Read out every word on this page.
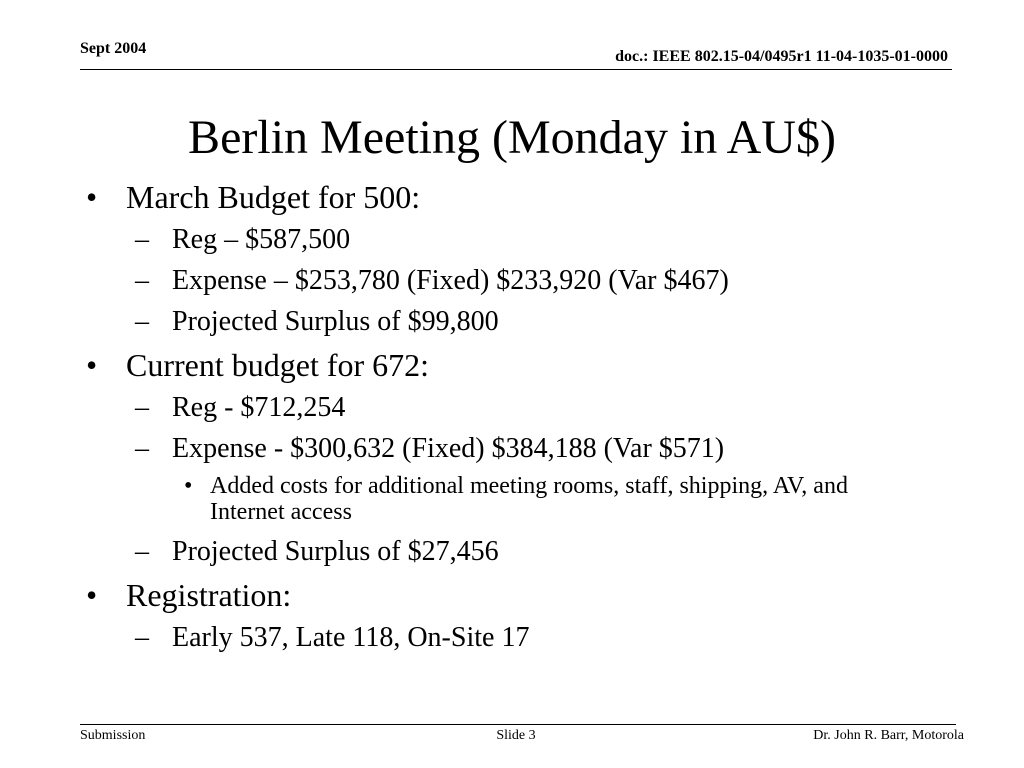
Sept 2004	doc.: IEEE 802.15-04/0495r1 11-04-1035-01-0000
Berlin Meeting (Monday in AU$)
• March Budget for 500:
– Reg – $587,500
– Expense – $253,780 (Fixed) $233,920 (Var $467)
– Projected Surplus of $99,800
• Current budget for 672:
– Reg - $712,254
– Expense - $300,632 (Fixed) $384,188 (Var $571)
• Added costs for additional meeting rooms, staff, shipping, AV, and Internet access
– Projected Surplus of $27,456
• Registration:
– Early 537, Late 118, On-Site 17
Submission	Slide 3	Dr. John R. Barr, Motorola
